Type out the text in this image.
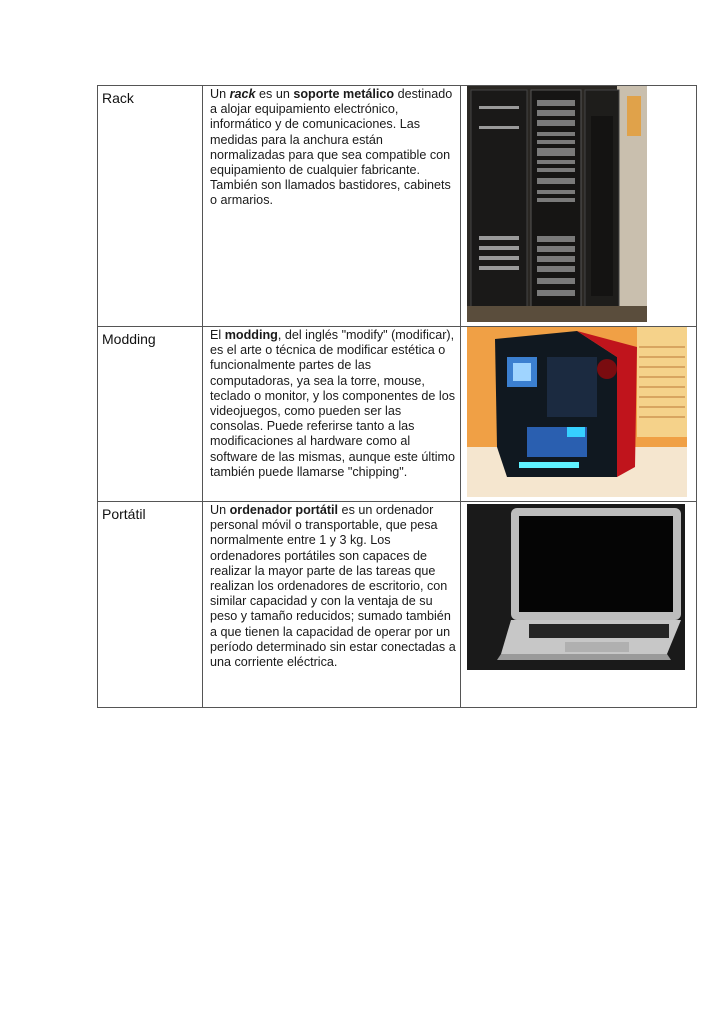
Rack	Un rack es un soporte metálico destinado a alojar equipamiento electrónico, informático y de comunicaciones. Las medidas para la anchura están normalizadas para que sea compatible con equipamiento de cualquier fabricante. También son llamados bastidores, cabinets o armarios.

Modding	El modding, del inglés "modify" (modificar), es el arte o técnica de modificar estética o funcionalmente partes de las computadoras, ya sea la torre, mouse, teclado o monitor, y los componentes de los videojuegos, como pueden ser las consolas. Puede referirse tanto a las modificaciones al hardware como al software de las mismas, aunque este último también puede llamarse "chipping".

Portátil	Un ordenador portátil es un ordenador personal móvil o transportable, que pesa normalmente entre 1 y 3 kg. Los ordenadores portátiles son capaces de realizar la mayor parte de las tareas que realizan los ordenadores de escritorio, con similar capacidad y con la ventaja de su peso y tamaño reducidos; sumado también a que tienen la capacidad de operar por un período determinado sin estar conectadas a una corriente eléctrica.
